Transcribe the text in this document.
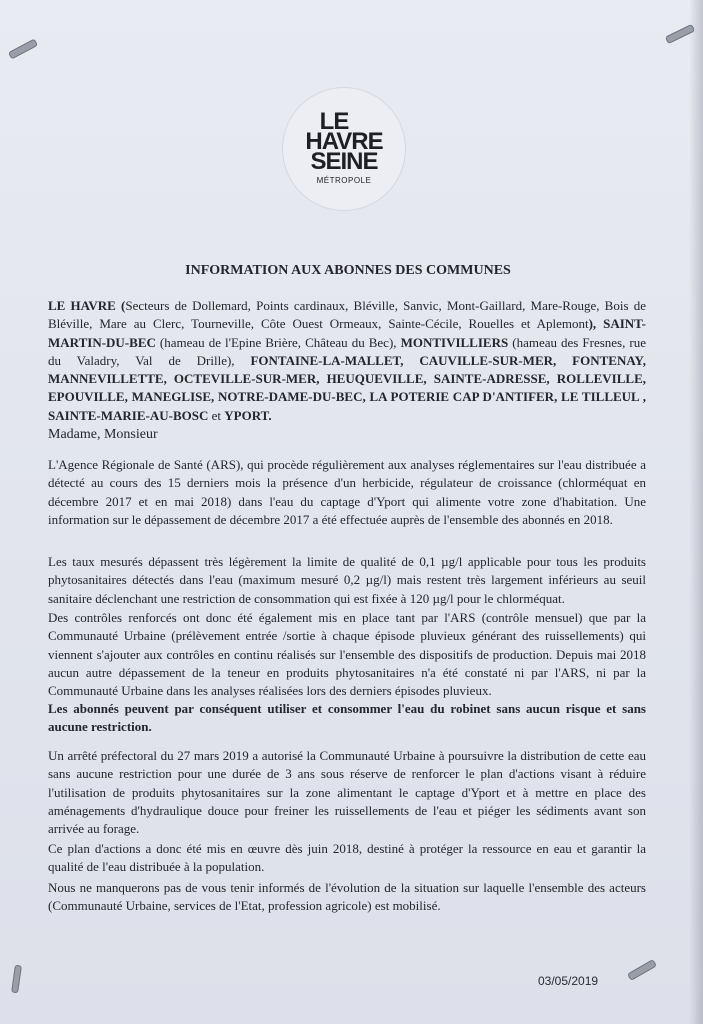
LE
HAVRE
SEINE
MÉTROPOLE
INFORMATION AUX ABONNES DES COMMUNES

LE HAVRE (Secteurs de Dollemard, Points cardinaux, Bléville, Sanvic, Mont-Gaillard, Mare-Rouge, Bois de Bléville, Mare au Clerc, Tourneville, Côte Ouest Ormeaux, Sainte-Cécile, Rouelles et Aplemont), SAINT-MARTIN-DU-BEC (hameau de l'Epine Brière, Château du Bec), MONTIVILLIERS (hameau des Fresnes, rue du Valadry, Val de Drille), FONTAINE-LA-MALLET, CAUVILLE-SUR-MER, FONTENAY, MANNEVILLETTE, OCTEVILLE-SUR-MER, HEUQUEVILLE, SAINTE-ADRESSE, ROLLEVILLE, EPOUVILLE, MANEGLISE, NOTRE-DAME-DU-BEC, LA POTERIE CAP D'ANTIFER, LE TILLEUL , SAINTE-MARIE-AU-BOSC et YPORT.

Madame, Monsieur

L'Agence Régionale de Santé (ARS), qui procède régulièrement aux analyses réglementaires sur l'eau distribuée a détecté au cours des 15 derniers mois la présence d'un herbicide, régulateur de croissance (chlorméquat en décembre 2017 et en mai 2018) dans l'eau du captage d'Yport qui alimente votre zone d'habitation. Une information sur le dépassement de décembre 2017 a été effectuée auprès de l'ensemble des abonnés en 2018.

Les taux mesurés dépassent très légèrement la limite de qualité de 0,1 µg/l applicable pour tous les produits phytosanitaires détectés dans l'eau (maximum mesuré 0,2 µg/l) mais restent très largement inférieurs au seuil sanitaire déclenchant une restriction de consommation qui est fixée à 120 µg/l pour le chlorméquat.

Des contrôles renforcés ont donc été également mis en place tant par l'ARS (contrôle mensuel) que par la Communauté Urbaine (prélèvement entrée /sortie à chaque épisode pluvieux générant des ruissellements) qui viennent s'ajouter aux contrôles en continu réalisés sur l'ensemble des dispositifs de production. Depuis mai 2018 aucun autre dépassement de la teneur en produits phytosanitaires n'a été constaté ni par l'ARS, ni par la Communauté Urbaine dans les analyses réalisées lors des derniers épisodes pluvieux.

Les abonnés peuvent par conséquent utiliser et consommer l'eau du robinet sans aucun risque et sans aucune restriction.

Un arrêté préfectoral du 27 mars 2019 a autorisé la Communauté Urbaine à poursuivre la distribution de cette eau sans aucune restriction pour une durée de 3 ans sous réserve de renforcer le plan d'actions visant à réduire l'utilisation de produits phytosanitaires sur la zone alimentant le captage d'Yport et à mettre en place des aménagements d'hydraulique douce pour freiner les ruissellements de l'eau et piéger les sédiments avant son arrivée au forage.

Ce plan d'actions a donc été mis en œuvre dès juin 2018, destiné à protéger la ressource en eau et garantir la qualité de l'eau distribuée à la population.

Nous ne manquerons pas de vous tenir informés de l'évolution de la situation sur laquelle l'ensemble des acteurs (Communauté Urbaine, services de l'Etat, profession agricole) est mobilisé.

03/05/2019
